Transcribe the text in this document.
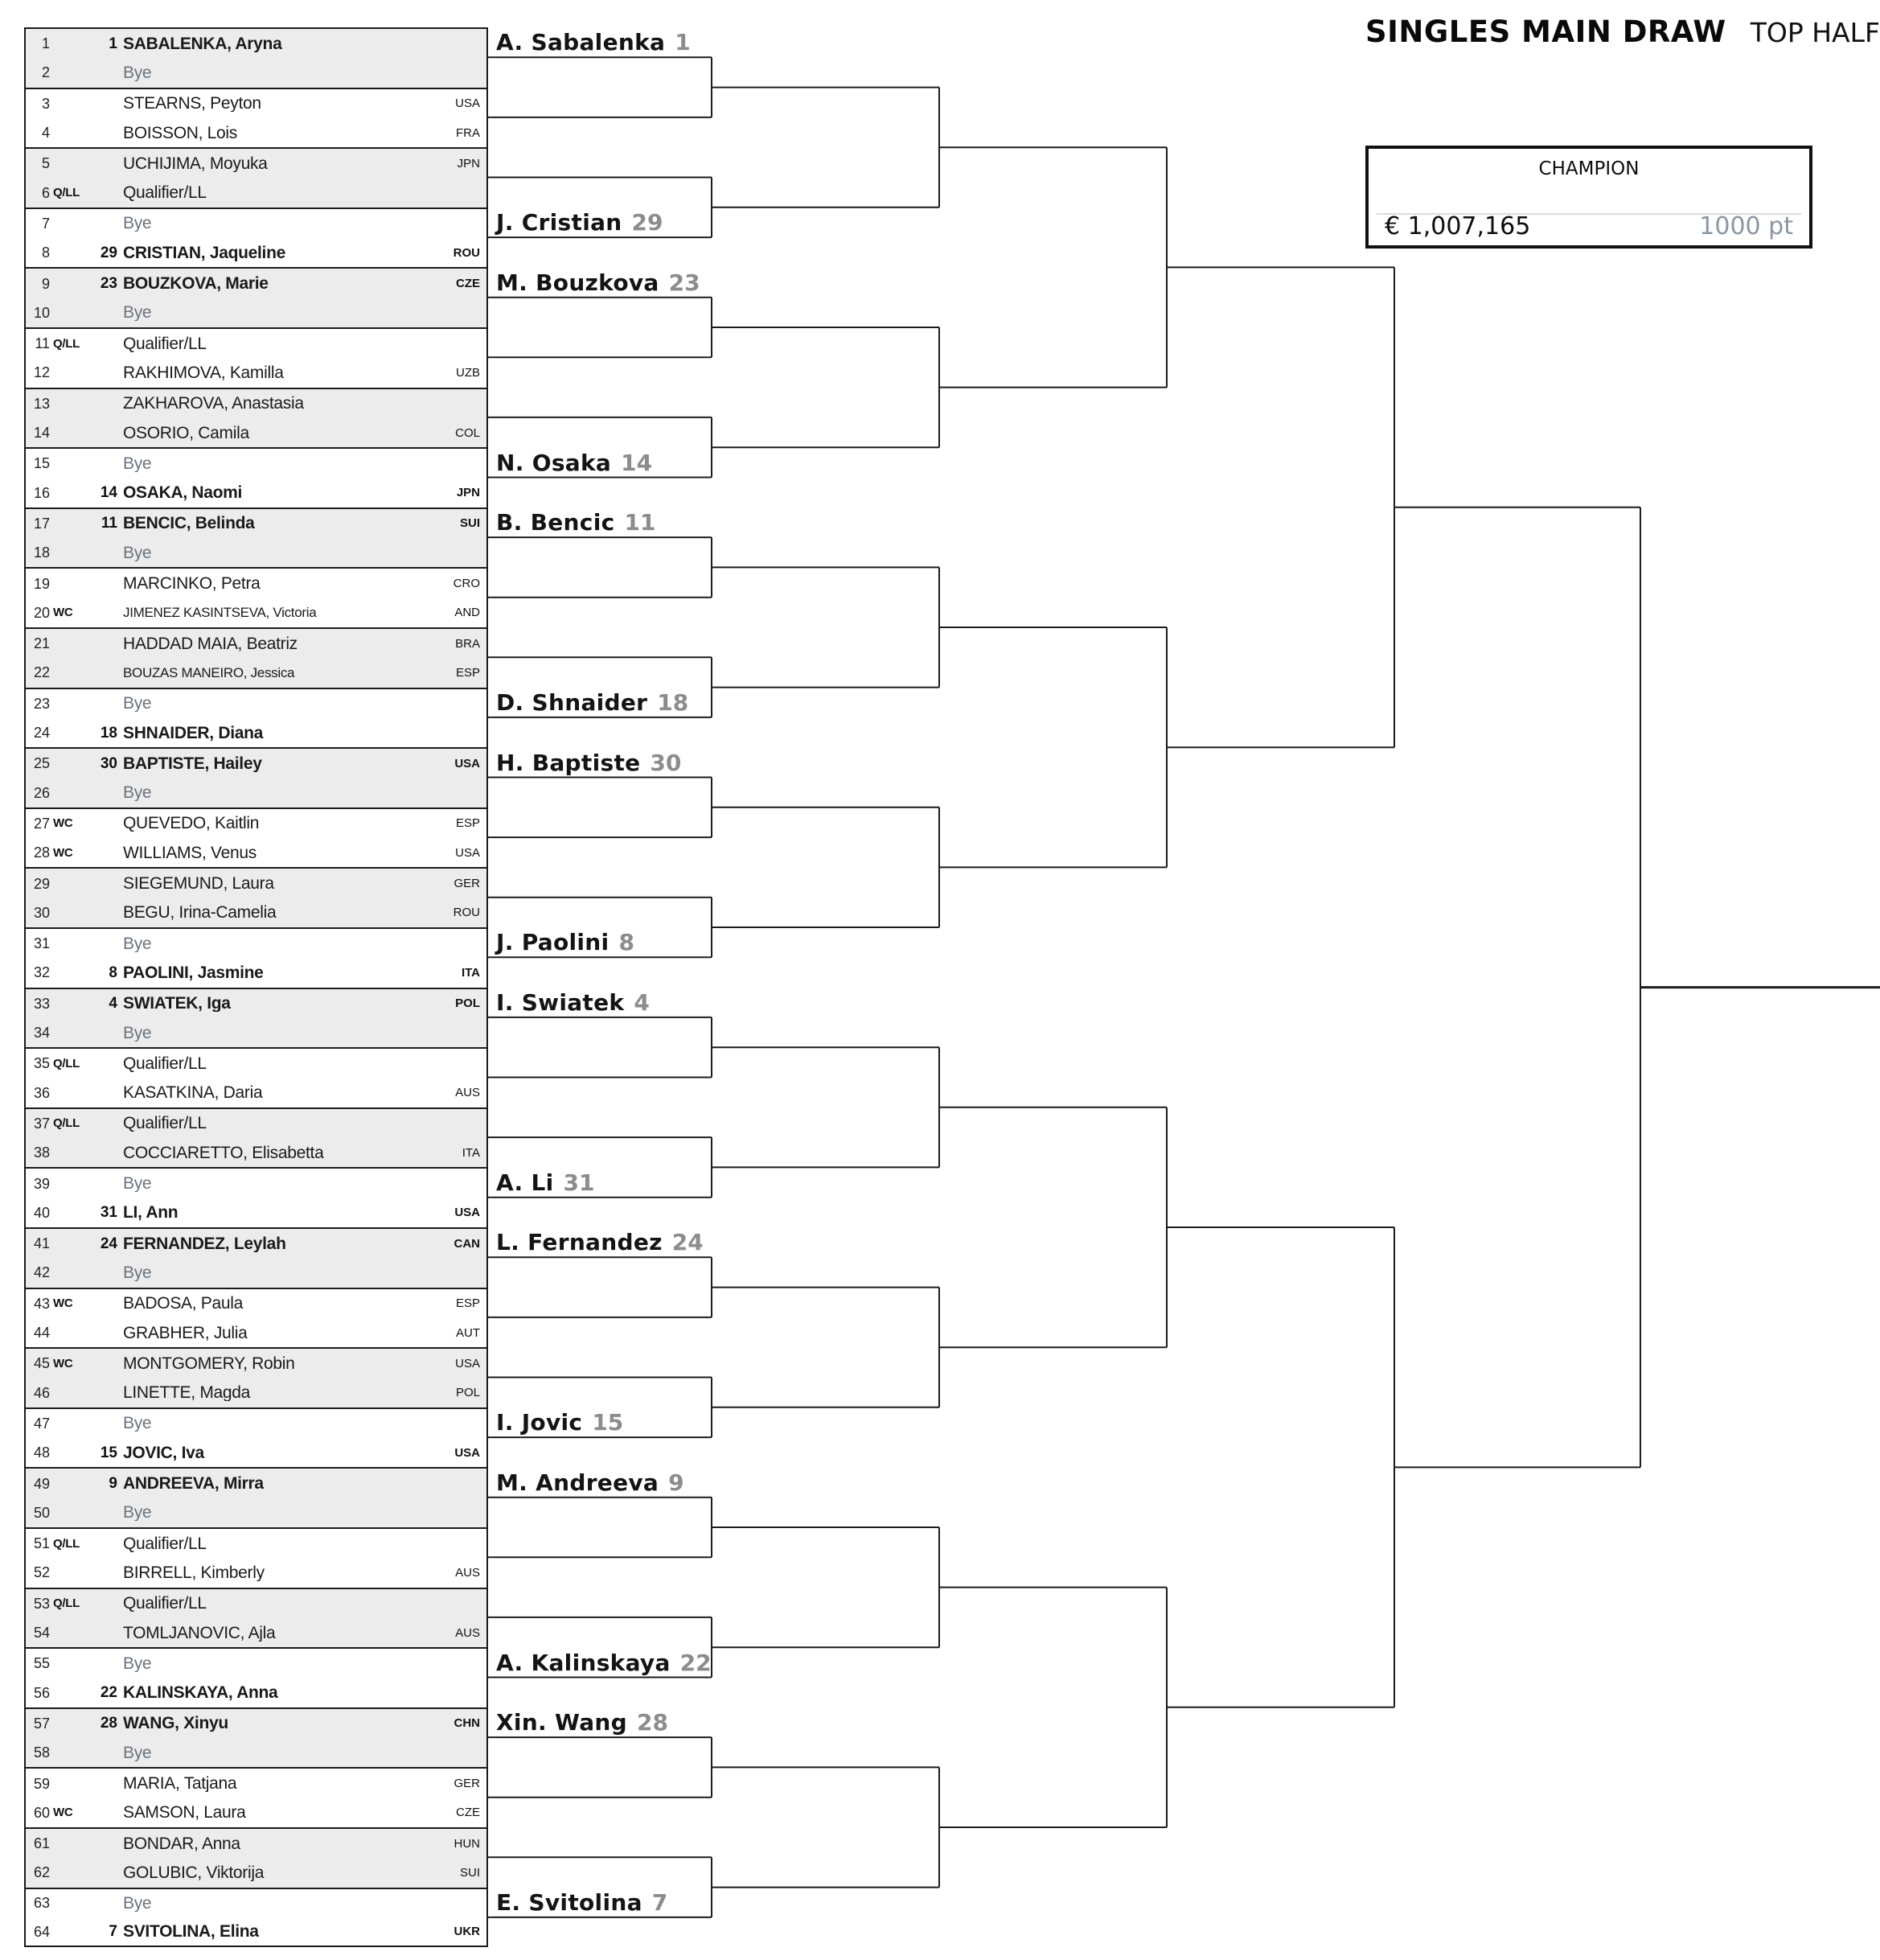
SINGLES MAIN DRAW TOP HALF
CHAMPION
€ 1,007,165	1000 pt
1	1 SABALENKA, Aryna
2	Bye
3	STEARNS, Peyton	USA
4	BOISSON, Lois	FRA
5	UCHIJIMA, Moyuka	JPN
6 Q/LL	Qualifier/LL
7	Bye
8	29 CRISTIAN, Jaqueline	ROU
9	23 BOUZKOVA, Marie	CZE
10	Bye
11 Q/LL	Qualifier/LL
12	RAKHIMOVA, Kamilla	UZB
13	ZAKHAROVA, Anastasia
14	OSORIO, Camila	COL
15	Bye
16	14 OSAKA, Naomi	JPN
17	11 BENCIC, Belinda	SUI
18	Bye
19	MARCINKO, Petra	CRO
20 WC	JIMENEZ KASINTSEVA, Victoria	AND
21	HADDAD MAIA, Beatriz	BRA
22	BOUZAS MANEIRO, Jessica	ESP
23	Bye
24	18 SHNAIDER, Diana
25	30 BAPTISTE, Hailey	USA
26	Bye
27 WC	QUEVEDO, Kaitlin	ESP
28 WC	WILLIAMS, Venus	USA
29	SIEGEMUND, Laura	GER
30	BEGU, Irina-Camelia	ROU
31	Bye
32	8 PAOLINI, Jasmine	ITA
33	4 SWIATEK, Iga	POL
34	Bye
35 Q/LL	Qualifier/LL
36	KASATKINA, Daria	AUS
37 Q/LL	Qualifier/LL
38	COCCIARETTO, Elisabetta	ITA
39	Bye
40	31 LI, Ann	USA
41	24 FERNANDEZ, Leylah	CAN
42	Bye
43 WC	BADOSA, Paula	ESP
44	GRABHER, Julia	AUT
45 WC	MONTGOMERY, Robin	USA
46	LINETTE, Magda	POL
47	Bye
48	15 JOVIC, Iva	USA
49	9 ANDREEVA, Mirra
50	Bye
51 Q/LL	Qualifier/LL
52	BIRRELL, Kimberly	AUS
53 Q/LL	Qualifier/LL
54	TOMLJANOVIC, Ajla	AUS
55	Bye
56	22 KALINSKAYA, Anna
57	28 WANG, Xinyu	CHN
58	Bye
59	MARIA, Tatjana	GER
60 WC	SAMSON, Laura	CZE
61	BONDAR, Anna	HUN
62	GOLUBIC, Viktorija	SUI
63	Bye
64	7 SVITOLINA, Elina	UKR
A. Sabalenka 1
J. Cristian 29
M. Bouzkova 23
N. Osaka 14
B. Bencic 11
D. Shnaider 18
H. Baptiste 30
J. Paolini 8
I. Swiatek 4
A. Li 31
L. Fernandez 24
I. Jovic 15
M. Andreeva 9
A. Kalinskaya 22
Xin. Wang 28
E. Svitolina 7
